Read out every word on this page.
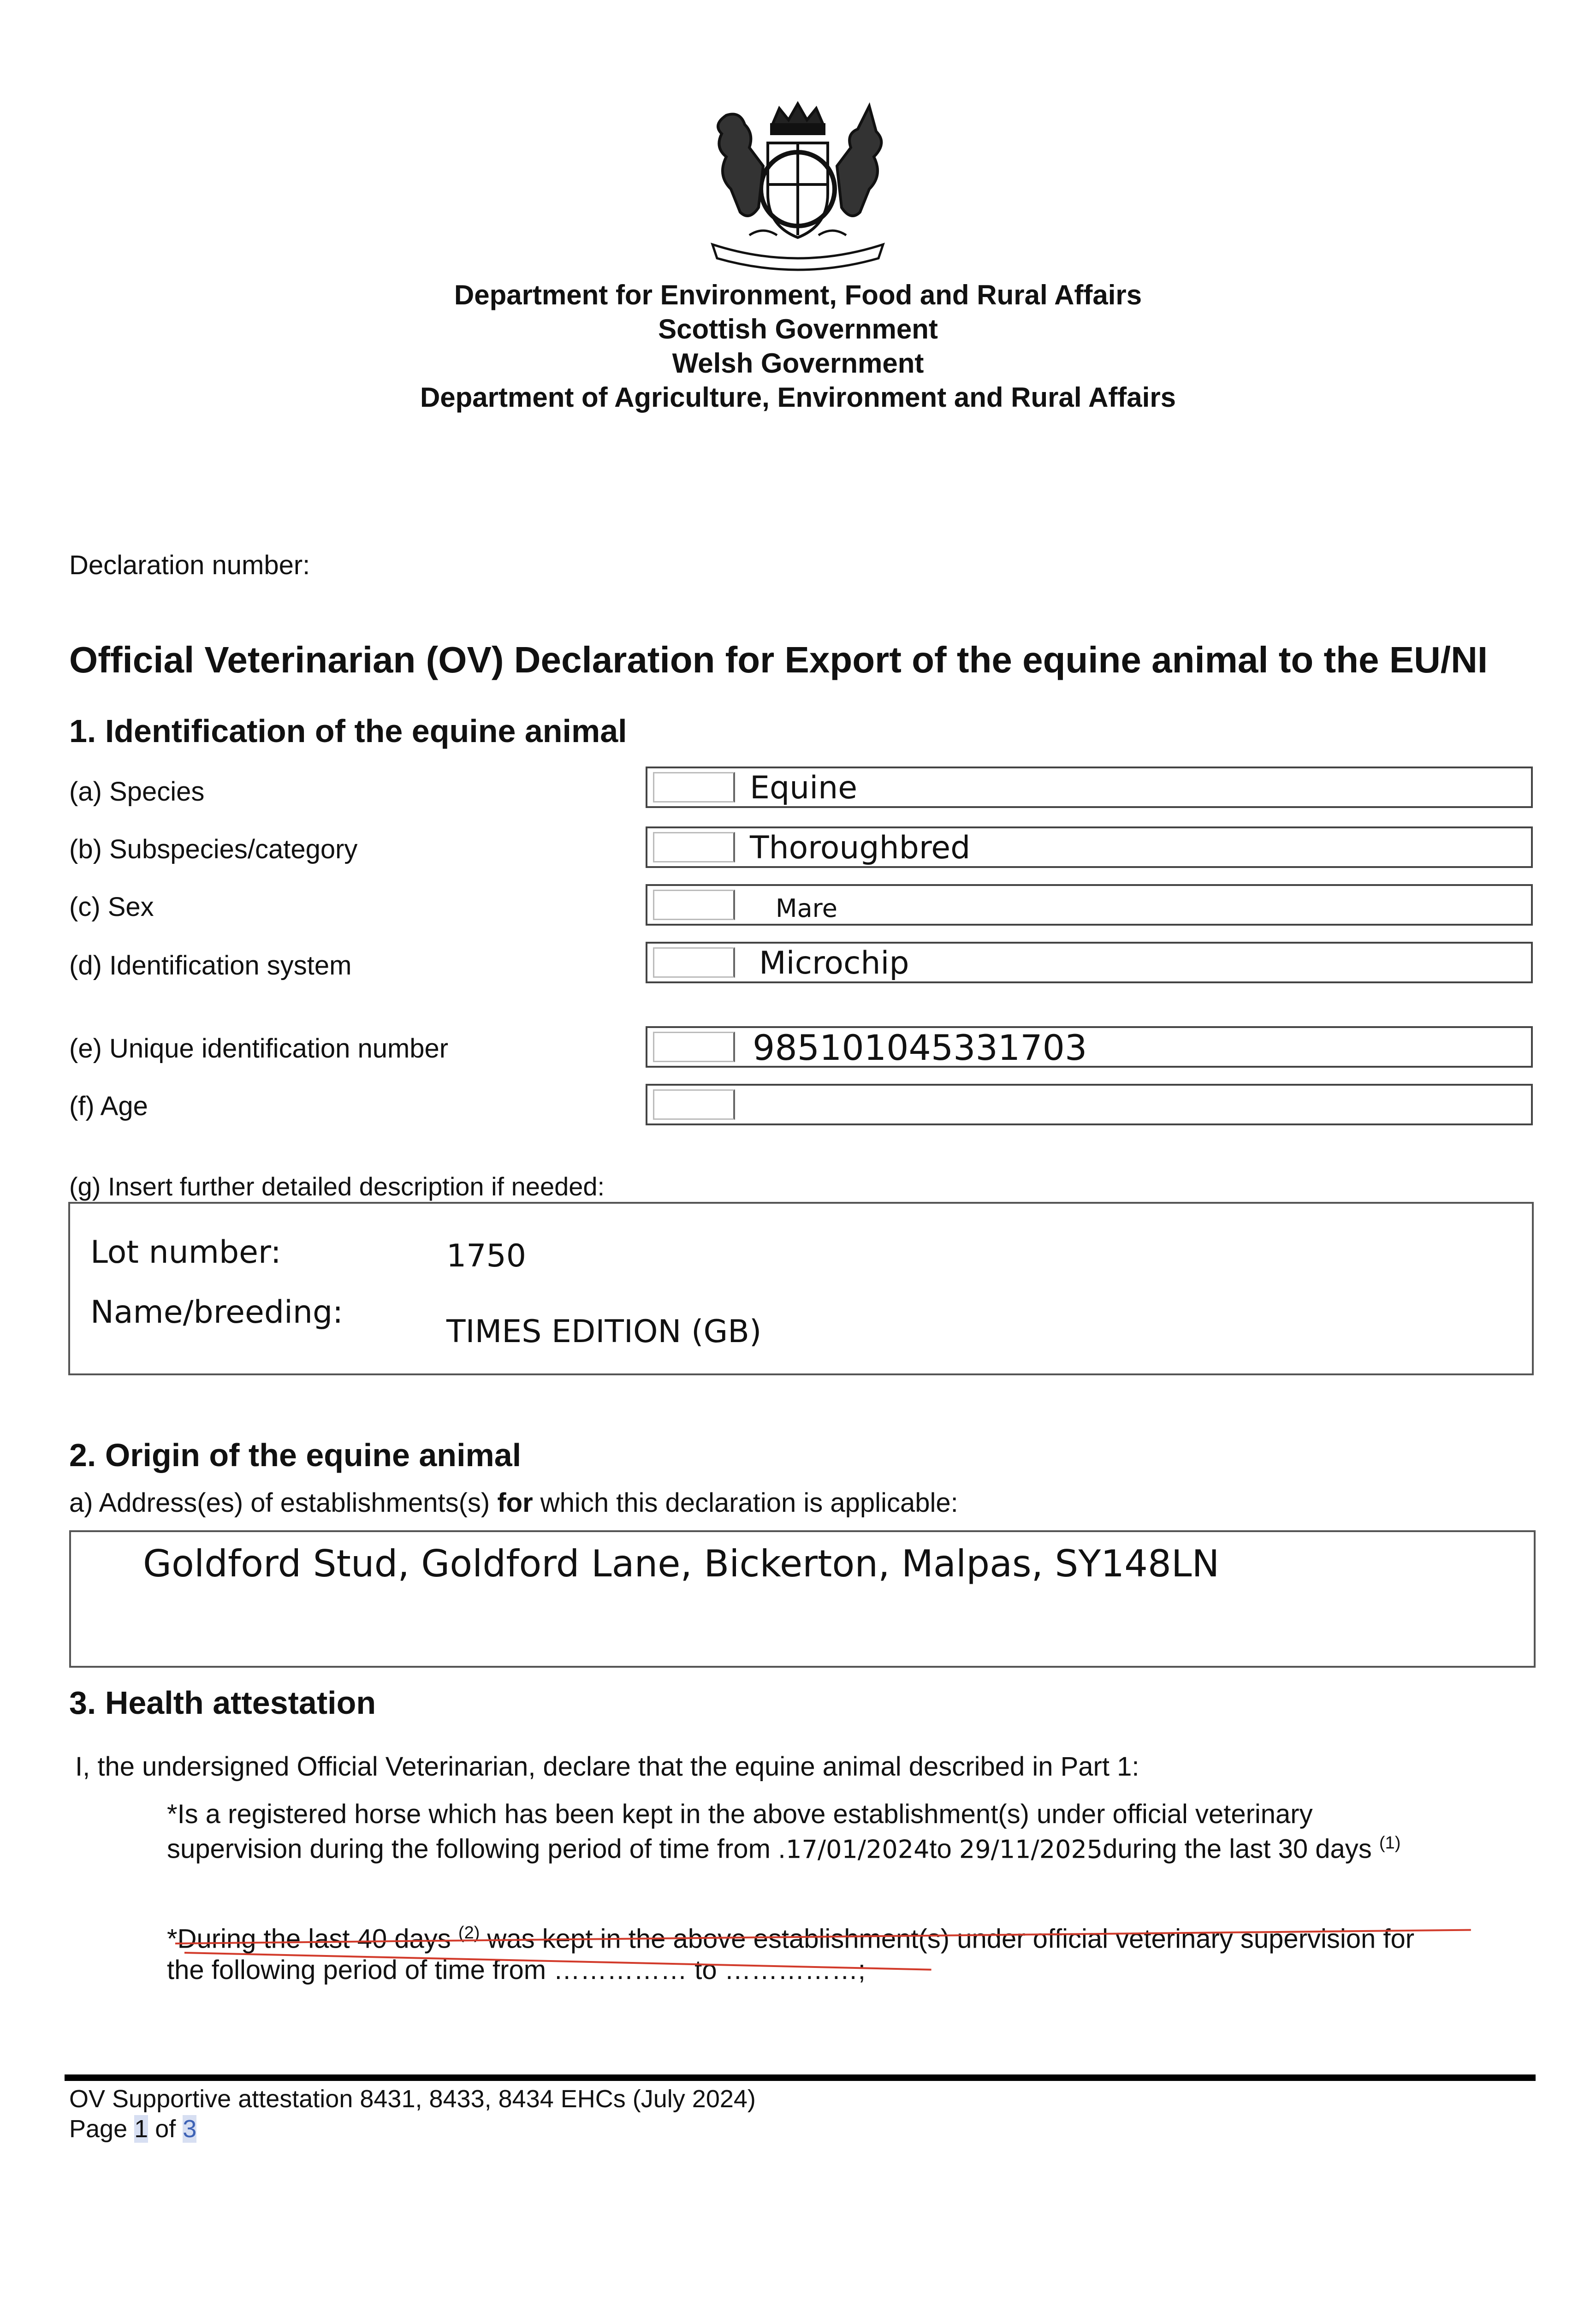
Department for Environment, Food and Rural Affairs
Scottish Government
Welsh Government
Department of Agriculture, Environment and Rural Affairs
Declaration number:
Official Veterinarian (OV) Declaration for Export of the equine animal to the EU/NI
1. Identification of the equine animal
(a) Species	Equine
(b) Subspecies/category	Thoroughbred
(c) Sex	Mare
(d) Identification system	Microchip
(e) Unique identification number	985101045331703
(f) Age
(g) Insert further detailed description if needed:
Lot number:	1750
Name/breeding:
TIMES EDITION (GB)
2. Origin of the equine animal
a) Address(es) of establishments(s) for which this declaration is applicable:
Goldford Stud, Goldford Lane, Bickerton, Malpas, SY148LN
3. Health attestation
I, the undersigned Official Veterinarian, declare that the equine animal described in Part 1:
*Is a registered horse which has been kept in the above establishment(s) under official veterinary
supervision during the following period of time from .17/01/2024to 29/11/2025during the last 30 days $^{(1)}$
*During the last 40 days $^{(2)}$ was kept in the above establishment(s) under official veterinary supervision for
the following period of time from …………… to ……………;
OV Supportive attestation 8431, 8433, 8434 EHCs (July 2024)
Page 1 of 3
